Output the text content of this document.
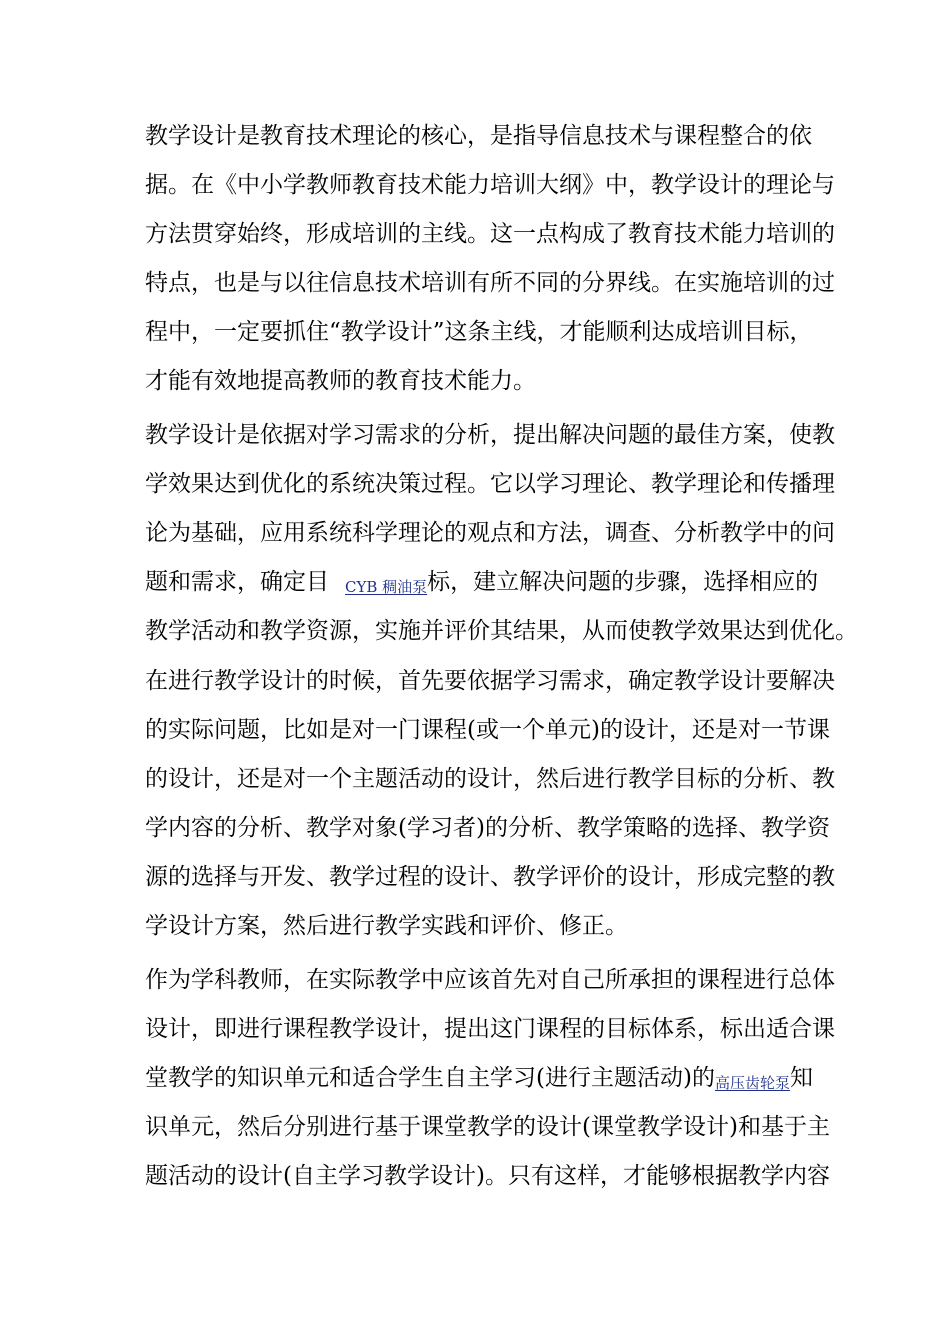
教学设计是教育技术理论的核心，是指导信息技术与课程整合的依
据。在《中小学教师教育技术能力培训大纲》中，教学设计的理论与
方法贯穿始终，形成培训的主线。这一点构成了教育技术能力培训的
特点，也是与以往信息技术培训有所不同的分界线。在实施培训的过
程中，一定要抓住“教学设计”这条主线，才能顺利达成培训目标，
才能有效地提高教师的教育技术能力。
教学设计是依据对学习需求的分析，提出解决问题的最佳方案，使教
学效果达到优化的系统决策过程。它以学习理论、教学理论和传播理
论为基础，应用系统科学理论的观点和方法，调查、分析教学中的问
题和需求，确定目 CYB 稠油泵标，建立解决问题的步骤，选择相应的
教学活动和教学资源，实施并评价其结果，从而使教学效果达到优化。
在进行教学设计的时候，首先要依据学习需求，确定教学设计要解决
的实际问题，比如是对一门课程(或一个单元)的设计，还是对一节课
的设计，还是对一个主题活动的设计，然后进行教学目标的分析、教
学内容的分析、教学对象(学习者)的分析、教学策略的选择、教学资
源的选择与开发、教学过程的设计、教学评价的设计，形成完整的教
学设计方案，然后进行教学实践和评价、修正。
作为学科教师，在实际教学中应该首先对自己所承担的课程进行总体
设计，即进行课程教学设计，提出这门课程的目标体系，标出适合课
堂教学的知识单元和适合学生自主学习(进行主题活动)的高压齿轮泵知
识单元，然后分别进行基于课堂教学的设计(课堂教学设计)和基于主
题活动的设计(自主学习教学设计)。只有这样，才能够根据教学内容
